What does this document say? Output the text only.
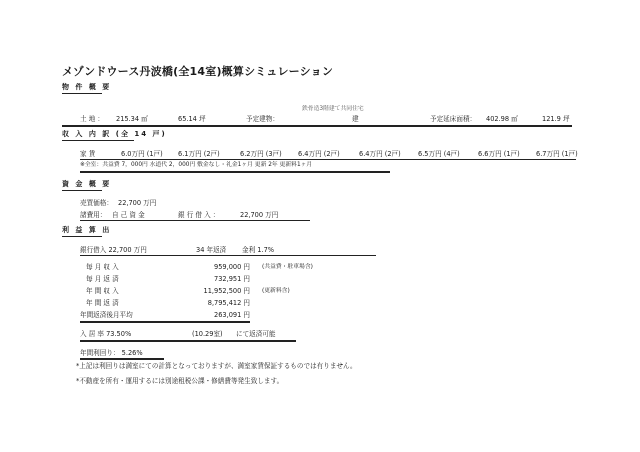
メゾンドウース丹波橋(全14室)概算シミュレーション
物 件 概 要
鉄骨造3階建て共同住宅
土 地 ： 215.34 ㎡	65.14 坪	予定建物：	建	予定延床面積： 402.98 ㎡	121.9 坪
収 入 内 訳 (全 14 戸)
家 賃	6.0万円 (1戸) 6.1万円 (2戸)	6.2万円 (3戸) 6.4万円 (2戸)	6.4万円 (2戸)	6.5万円 (4戸)	6.6万円 (1戸) 6.7万円 (1戸)
※全室：共益費 7，000円 水道代 2，000円 敷金なし・礼金1ヶ月 更新 2年 更新料1ヶ月
資 金 概 要
売買価格： 22,700 万円
諸費用： 自 己 資 金	銀 行 借 入 ：	22,700 万円
利 益 算 出
銀行借入 22,700 万円	34 年返済 金利 1.7%
毎 月 収 入	959,000 円 (共益費・駐車場含)
毎 月 返 済	732,951 円
年 間 収 入	11,952,500 円 (更新料含)
年 間 返 済	8,795,412 円
年間返済後月平均	263,091 円
入 居 率 73.50%	(10.29室) にて返済可能
年間利回り： 5.26%
*上記は利回りは満室にての計算となっておりますが、満室家賃保証するものでは有りません。
*不動産を所有・運用するには別途租税公課・修繕費等発生致します。
